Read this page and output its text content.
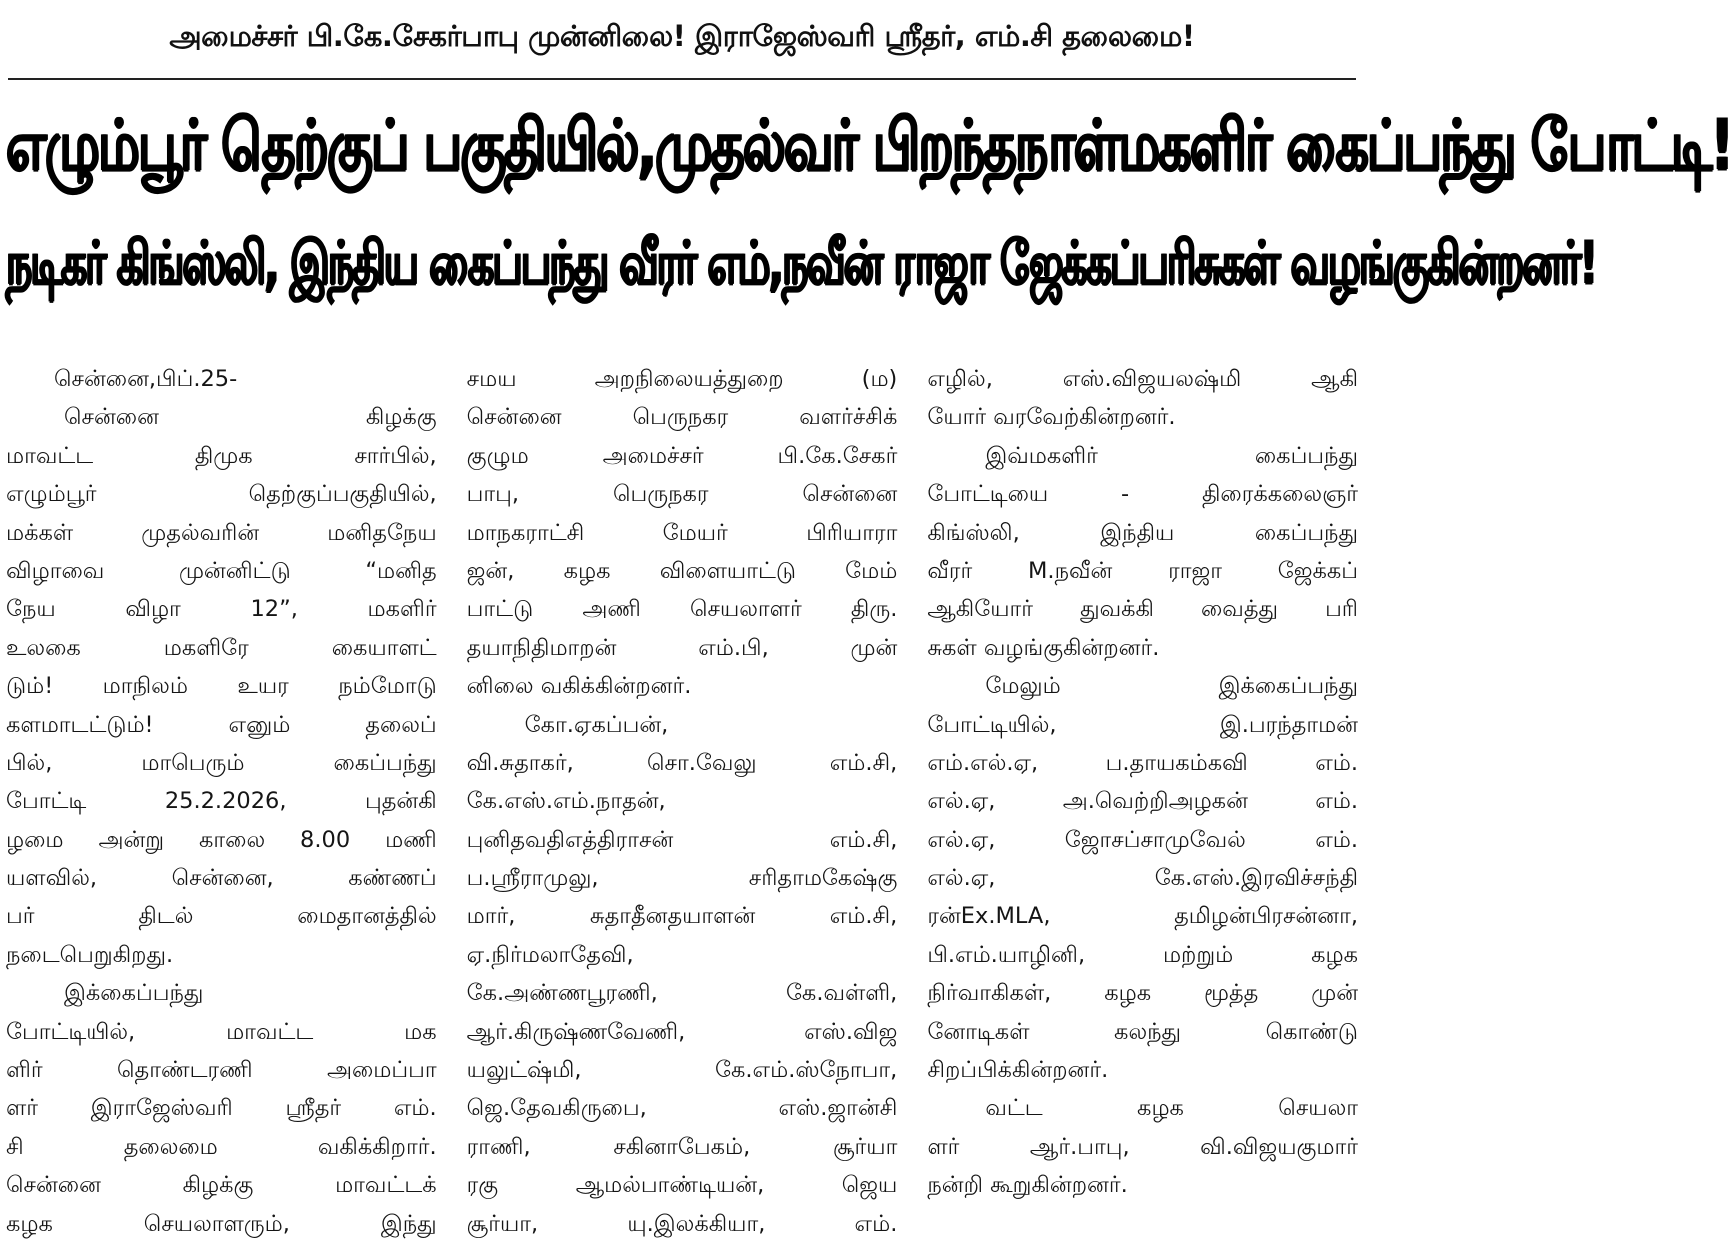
அமைச்சர் பி.கே.சேகர்பாபு முன்னிலை! இராஜேஸ்வரி ஸ்ரீதர், எம்.சி தலைமை!
எழும்பூர் தெற்குப் பகுதியில், முதல்வர் பிறந்தநாள் மகளிர் கைப்பந்து போட்டி!
நடிகர் கிங்ஸ்லி, இந்திய கைப்பந்து வீரர் எம்,நவீன் ராஜா ஜேக்கப் பரிசுகள் வழங்குகின்றனர்!
சென்னை,பிப்.25-
சென்னை கிழக்கு
மாவட்ட திமுக சார்பில்,
எழும்பூர் தெற்குப்பகுதியில்,
மக்கள் முதல்வரின் மனிதநேய
விழாவை முன்னிட்டு “மனித
நேய விழா 12”, மகளிர்
உலகை மகளிரே கையாளட்
டும்! மாநிலம் உயர நம்மோடு
களமாடட்டும்! எனும் தலைப்
பில், மாபெரும் கைப்பந்து
போட்டி 25.2.2026, புதன்கி
ழமை அன்று காலை 8.00 மணி
யளவில், சென்னை, கண்ணப்
பர் திடல் மைதானத்தில்
நடைபெறுகிறது.
இக்கைப்பந்து
போட்டியில், மாவட்ட மக
ளிர் தொண்டரணி அமைப்பா
ளர் இராஜேஸ்வரி ஸ்ரீதர் எம்.
சி தலைமை வகிக்கிறார்.
சென்னை கிழக்கு மாவட்டக்
கழக செயலாளரும், இந்து
சமய அறநிலையத்துறை (ம)
சென்னை பெருநகர வளர்ச்சிக்
குழும அமைச்சர் பி.கே.சேகர்
பாபு, பெருநகர சென்னை
மாநகராட்சி மேயர் பிரியாரா
ஜன், கழக விளையாட்டு மேம்
பாட்டு அணி செயலாளர் திரு.
தயாநிதிமாறன் எம்.பி, முன்
னிலை வகிக்கின்றனர்.
கோ.ஏகப்பன்,
வி.சுதாகர், சொ.வேலு எம்.சி,
கே.எஸ்.எம்.நாதன்,
புனிதவதிஎத்திராசன் எம்.சி,
ப.ஸ்ரீராமுலு, சரிதாமகேஷ்கு
மார், சுதாதீனதயாளன் எம்.சி,
ஏ.நிர்மலாதேவி,
கே.அண்ணபூரணி, கே.வள்ளி,
ஆர்.கிருஷ்ணவேணி, எஸ்.விஜ
யலுட்ஷ்மி, கே.எம்.ஸ்நோபா,
ஜெ.தேவகிருபை, எஸ்.ஜான்சி
ராணி, சகினாபேகம், சூர்யா
ரகு ஆமல்பாண்டியன், ஜெய
சூர்யா, யு.இலக்கியா, எம்.
எழில், எஸ்.விஜயலஷ்மி ஆகி
யோர் வரவேற்கின்றனர்.
இவ்மகளிர் கைப்பந்து
போட்டியை - திரைக்கலைஞர்
கிங்ஸ்லி, இந்திய கைப்பந்து
வீரர் M.நவீன் ராஜா ஜேக்கப்
ஆகியோர் துவக்கி வைத்து பரி
சுகள் வழங்குகின்றனர்.
மேலும் இக்கைப்பந்து
போட்டியில், இ.பரந்தாமன்
எம்.எல்.ஏ, ப.தாயகம்கவி எம்.
எல்.ஏ, அ.வெற்றிஅழகன் எம்.
எல்.ஏ, ஜோசப்சாமுவேல் எம்.
எல்.ஏ, கே.எஸ்.இரவிச்சந்தி
ரன்Ex.MLA, தமிழன்பிரசன்னா,
பி.எம்.யாழினி, மற்றும் கழக
நிர்வாகிகள், கழக மூத்த முன்
னோடிகள் கலந்து கொண்டு
சிறப்பிக்கின்றனர்.
வட்ட கழக செயலா
ளர் ஆர்.பாபு, வி.விஜயகுமார்
நன்றி கூறுகின்றனர்.
